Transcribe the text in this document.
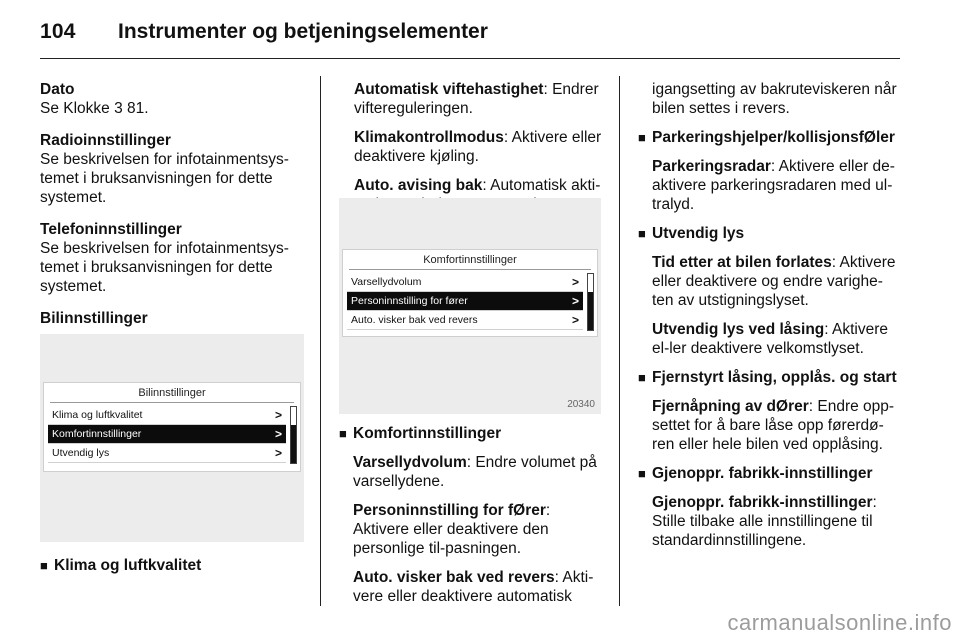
104 Instrumenter og betjeningselementer
Dato
Se Klokke 3 81.
Radioinnstillinger
Se beskrivelsen for infotainmentsys-temet i bruksanvisningen for dette systemet.
Telefoninnstillinger
Se beskrivelsen for infotainmentsys-temet i bruksanvisningen for dette systemet.
Bilinnstillinger
Bilinnstillinger
Klima og luftkvalitet	>
Komfortinnstillinger	>
Utvendig lys	>
■ Klima og luftkvalitet
Automatisk viftehastighet: Endrer viftereguleringen.
Klimakontrollmodus: Aktivere eller deaktivere kjøling.
Auto. avising bak: Automatisk akti-
Komfortinnstillinger
Varsellydvolum	>
Personinnstilling for fører	>
Auto. visker bak ved revers	>
20340
■ Komfortinnstillinger
Varsellydvolum: Endre volumet på varsellydene.
Personinnstilling for fØrer: Aktivere eller deaktivere den personlige til-pasningen.
Auto. visker bak ved revers: Akti-vere eller deaktivere automatisk
igangsetting av bakruteviskeren når bilen settes i revers.
■ Parkeringshjelper/kollisjonsfØler
Parkeringsradar: Aktivere eller de-aktivere parkeringsradaren med ul-tralyd.
■ Utvendig lys
Tid etter at bilen forlates: Aktivere eller deaktivere og endre varighe-ten av utstigningslyset.
Utvendig lys ved låsing: Aktivere el-ler deaktivere velkomstlyset.
■ Fjernstyrt låsing, opplås. og start
Fjernåpning av dØrer: Endre opp-settet for å bare låse opp førerdø-ren eller hele bilen ved opplåsing.
■ Gjenoppr. fabrikk-innstillinger
Gjenoppr. fabrikk-innstillinger: Stille tilbake alle innstillingene til standardinnstillingene.
carmanualsonline.info
